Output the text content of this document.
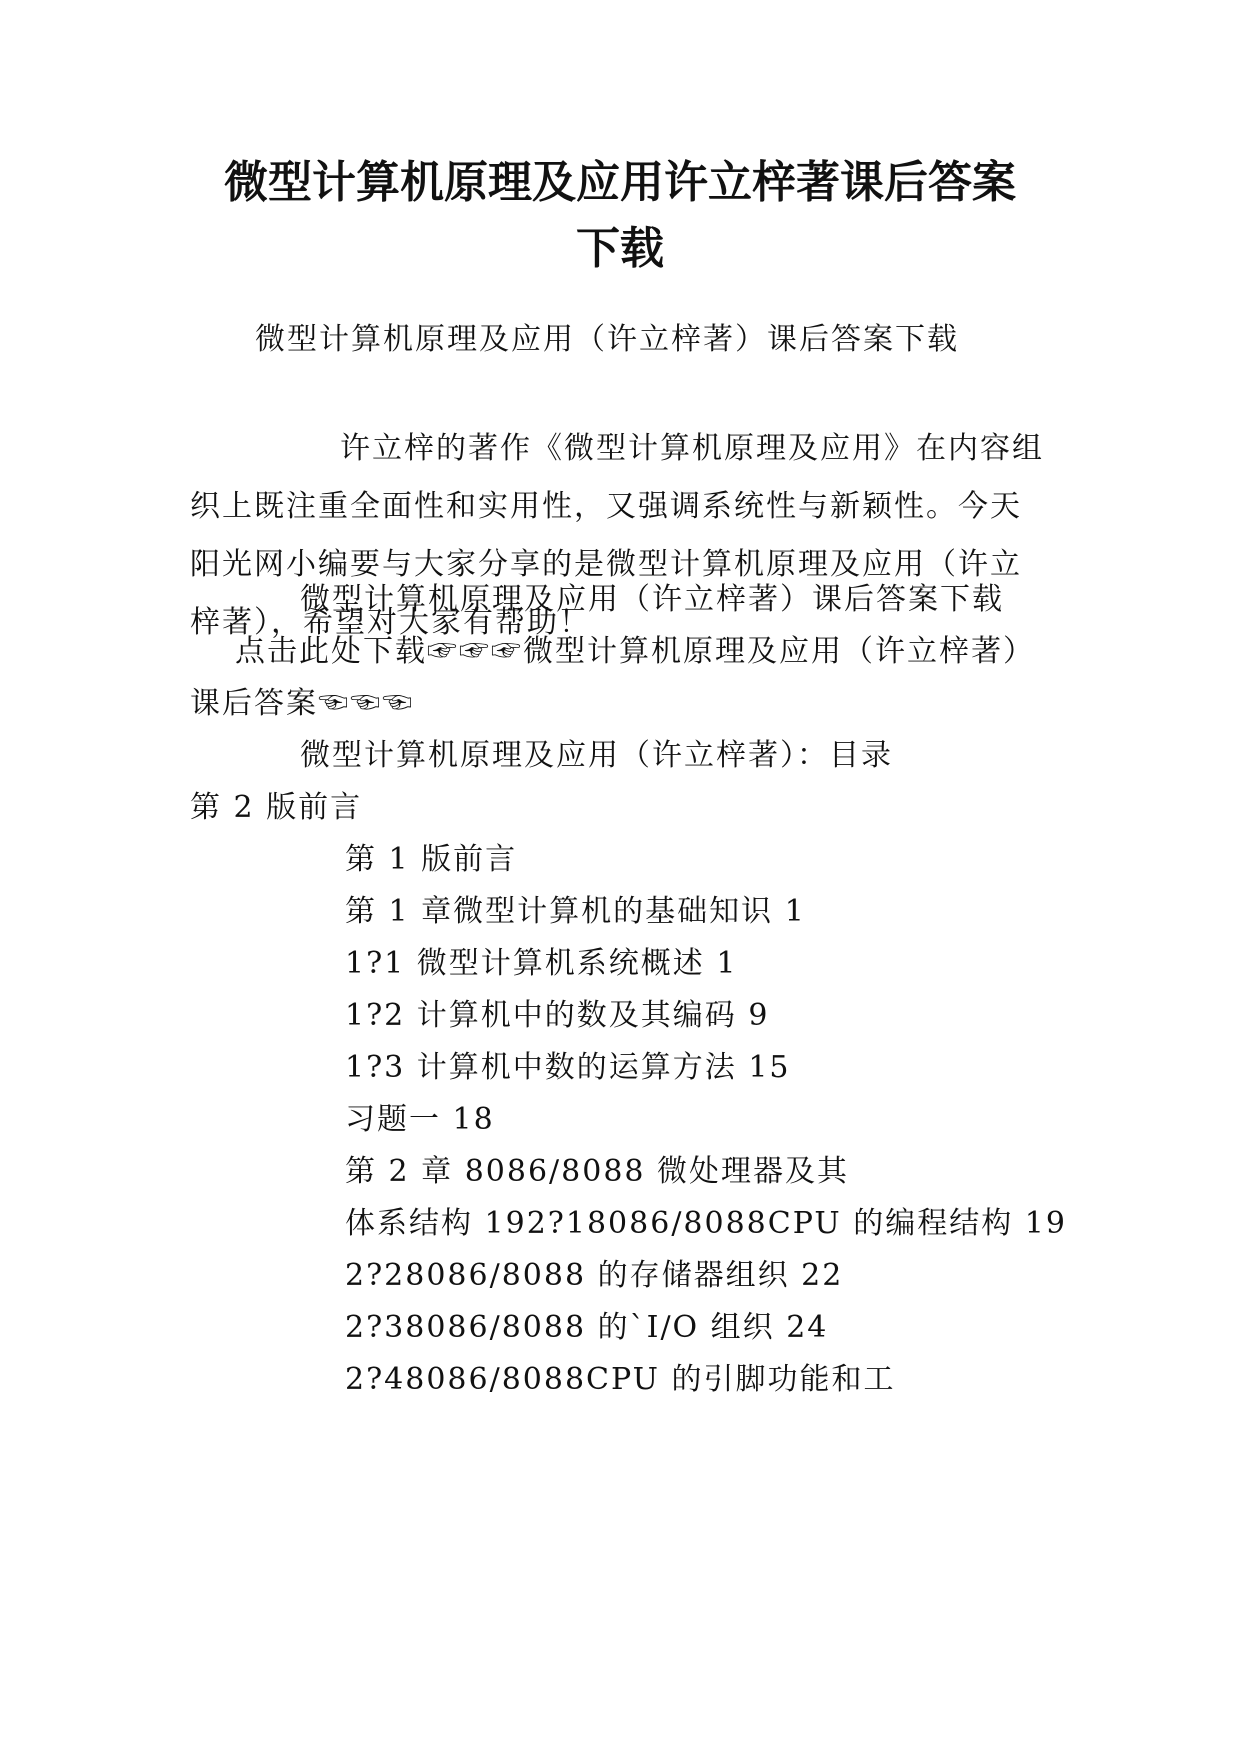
微型计算机原理及应用许立梓著课后答案
下载

微型计算机原理及应用（许立梓著）课后答案下载

许立梓的著作《微型计算机原理及应用》在内容组织上既注重全面性和实用性，又强调系统性与新颖性。今天阳光网小编要与大家分享的是微型计算机原理及应用（许立梓著），希望对大家有帮助！

微型计算机原理及应用（许立梓著）课后答案下载

点击此处下载☞☞☞微型计算机原理及应用（许立梓著）

课后答案☜☜☜

微型计算机原理及应用（许立梓著）：目录

第 2 版前言

第 1 版前言

第 1 章微型计算机的基础知识 1

1?1 微型计算机系统概述 1

1?2 计算机中的数及其编码 9

1?3 计算机中数的运算方法 15

习题一 18

第 2 章 8086/8088 微处理器及其

体系结构 192?18086/8088CPU 的编程结构 19

2?28086/8088 的存储器组织 22

2?38086/8088 的`I/O 组织 24

2?48086/8088CPU 的引脚功能和工
